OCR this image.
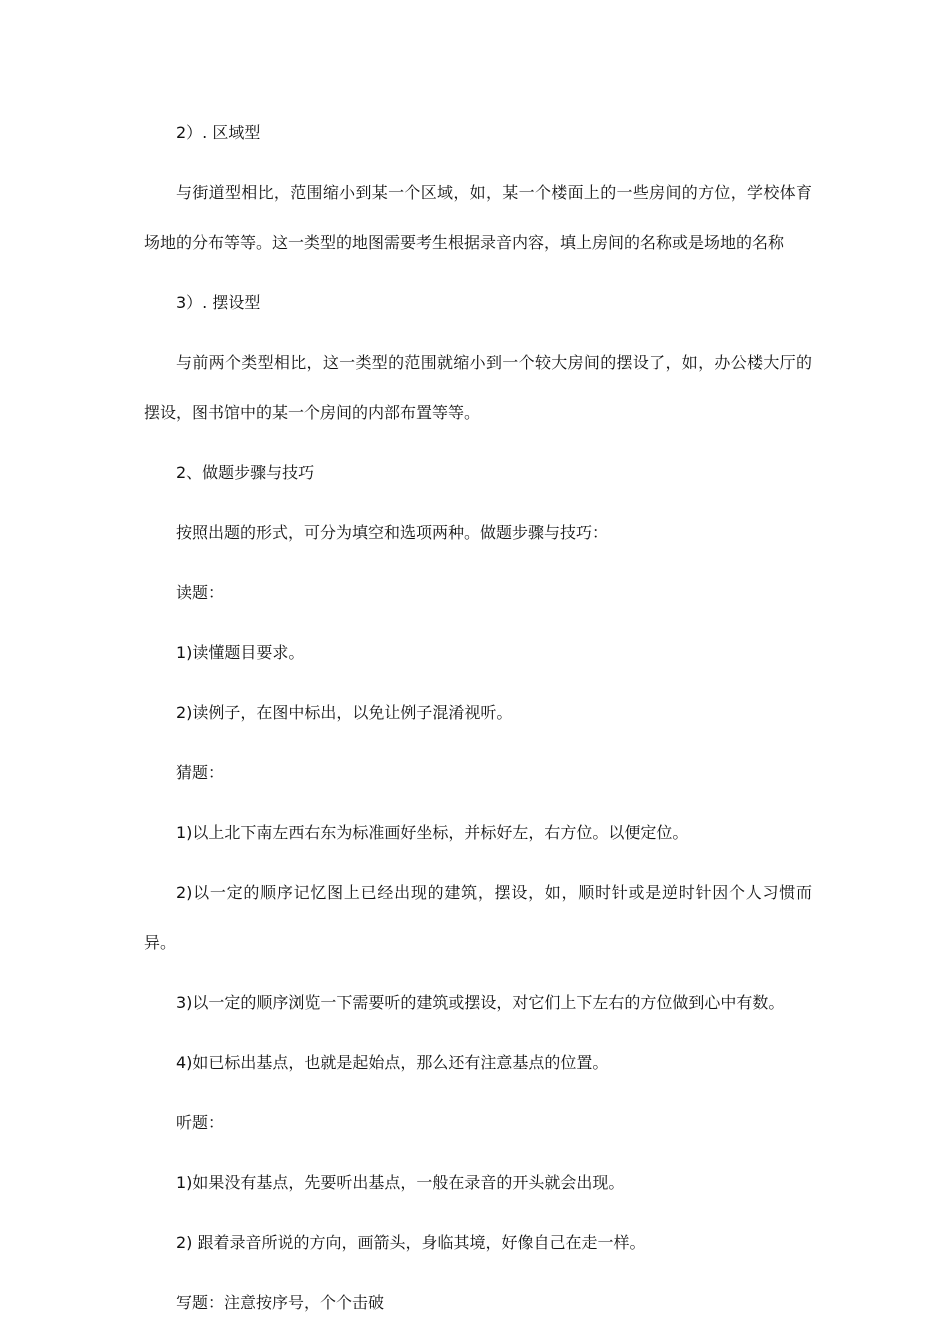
2）. 区域型

与街道型相比，范围缩小到某一个区域，如，某一个楼面上的一些房间的方位，学校体育场地的分布等等。这一类型的地图需要考生根据录音内容，填上房间的名称或是场地的名称

3）. 摆设型

与前两个类型相比，这一类型的范围就缩小到一个较大房间的摆设了，如，办公楼大厅的摆设，图书馆中的某一个房间的内部布置等等。

2、做题步骤与技巧

按照出题的形式，可分为填空和选项两种。做题步骤与技巧：

读题：

1)读懂题目要求。

2)读例子，在图中标出，以免让例子混淆视听。

猜题：

1)以上北下南左西右东为标准画好坐标，并标好左，右方位。以便定位。

2)以一定的顺序记忆图上已经出现的建筑，摆设，如，顺时针或是逆时针因个人习惯而异。

3)以一定的顺序浏览一下需要听的建筑或摆设，对它们上下左右的方位做到心中有数。

4)如已标出基点，也就是起始点，那么还有注意基点的位置。

听题：

1)如果没有基点，先要听出基点，一般在录音的开头就会出现。

2) 跟着录音所说的方向，画箭头，身临其境，好像自己在走一样。

写题：注意按序号，个个击破
